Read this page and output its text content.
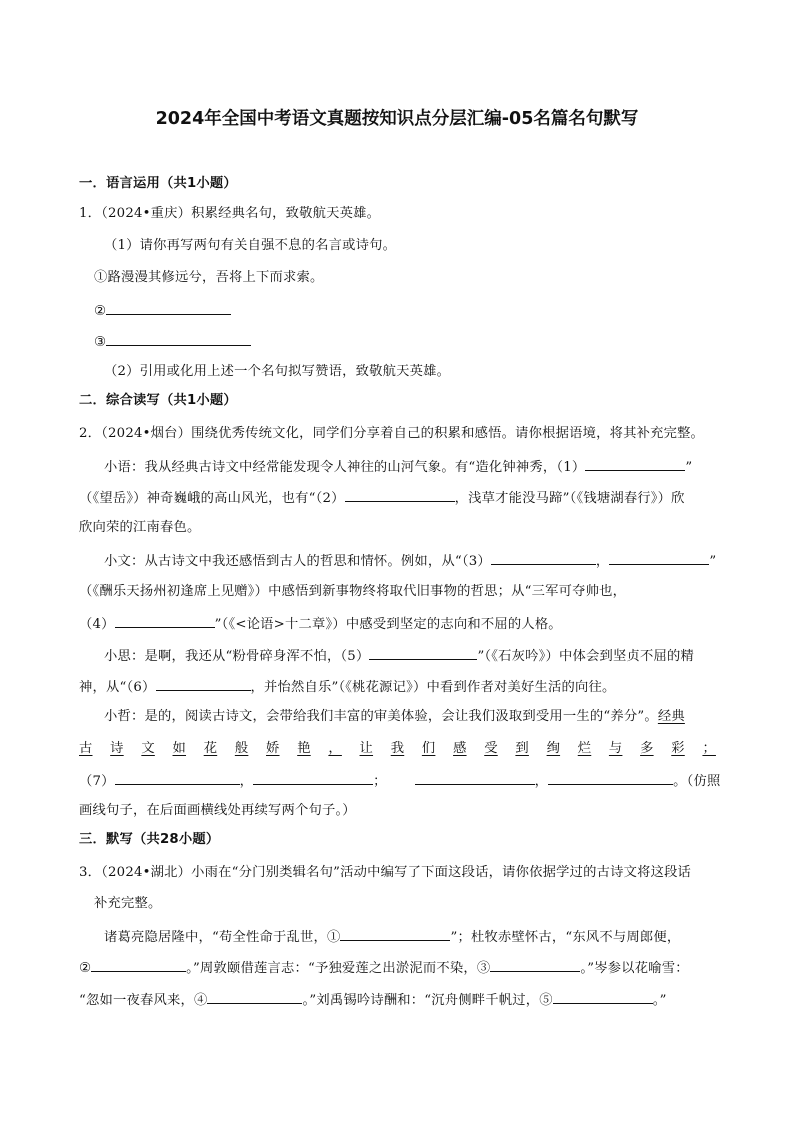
2024年全国中考语文真题按知识点分层汇编-05名篇名句默写
一．语言运用（共1小题）
1．（2024•重庆）积累经典名句，致敬航天英雄。
（1）请你再写两句有关自强不息的名言或诗句。
①路漫漫其修远兮，吾将上下而求索。
②
③
（2）引用或化用上述一个名句拟写赞语，致敬航天英雄。
二．综合读写（共1小题）
2．（2024•烟台）围绕优秀传统文化，同学们分享着自己的积累和感悟。请你根据语境，将其补充完整。
小语：我从经典古诗文中经常能发现令人神往的山河气象。有“造化钟神秀，（1）	”
（《望岳》）神奇巍峨的高山风光，也有“（2）	，浅草才能没马蹄”（《钱塘湖春行》）欣
欣向荣的江南春色。
小文：从古诗文中我还感悟到古人的哲思和情怀。例如，从“（3）	，	”
（《酬乐天扬州初逢席上见赠》）中感悟到新事物终将取代旧事物的哲思；从“三军可夺帅也，
（4）	”（《<论语>十二章》）中感受到坚定的志向和不屈的人格。
小思：是啊，我还从“粉骨碎身浑不怕，（5）	”（《石灰吟》）中体会到坚贞不屈的精
神，从“（6）	，并怡然自乐”（《桃花源记》）中看到作者对美好生活的向往。
小哲：是的，阅读古诗文，会带给我们丰富的审美体验，会让我们汲取到受用一生的“养分”。经典
古 诗 文 如 花 般 娇 艳 ， 让 我 们 感 受 到 绚 烂 与 多 彩 ；
（7）	，	；	，	。（仿照
画线句子，在后面画横线处再续写两个句子。）
三．默写（共28小题）
3．（2024•湖北）小雨在“分门别类辑名句”活动中编写了下面这段话，请你依据学过的古诗文将这段话
补充完整。
诸葛亮隐居隆中，“苟全性命于乱世，①	”；杜牧赤壁怀古，“东风不与周郎便，
②	。”周敦颐借莲言志：“予独爱莲之出淤泥而不染，③	。”岑参以花喻雪：
“忽如一夜春风来，④	。”刘禹锡吟诗酬和：“沉舟侧畔千帆过，⑤	。”
